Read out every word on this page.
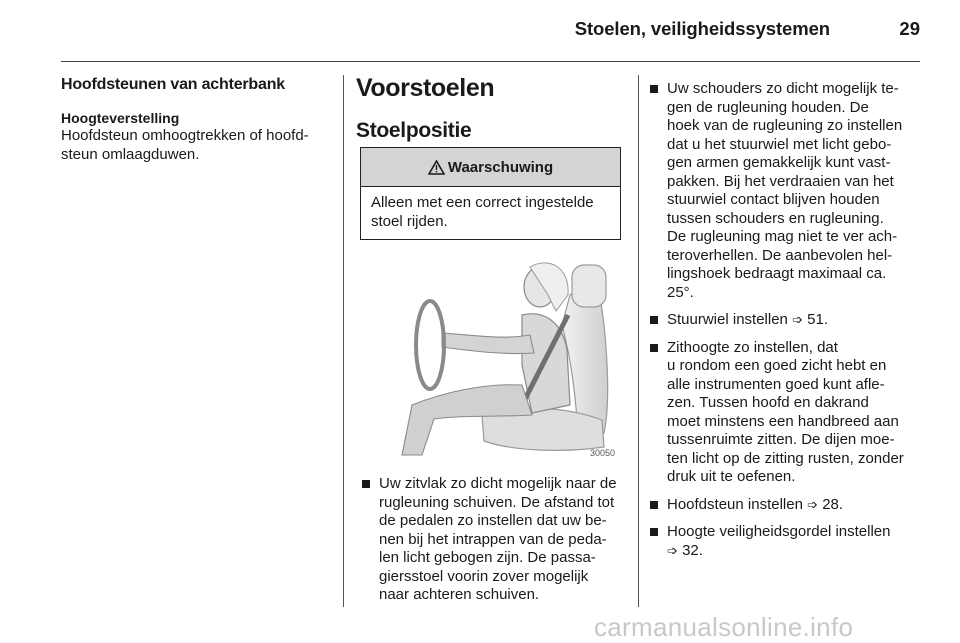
Stoelen, veiligheidssystemen	29
Hoofdsteunen van achterbank
Hoogteverstelling

Hoofdsteun omhoogtrekken of hoofd-
steun omlaagduwen.

Voorstoelen
Stoelpositie
Waarschuwing
Alleen met een correct ingestelde
stoel rijden.
30050
Uw zitvlak zo dicht mogelijk naar de
rugleuning schuiven. De afstand tot
de pedalen zo instellen dat uw be-
nen bij het intrappen van de peda-
len licht gebogen zijn. De passa-
giersstoel voorin zover mogelijk
naar achteren schuiven.
Uw schouders zo dicht mogelijk te-
gen de rugleuning houden. De
hoek van de rugleuning zo instellen
dat u het stuurwiel met licht gebo-
gen armen gemakkelijk kunt vast-
pakken. Bij het verdraaien van het
stuurwiel contact blijven houden
tussen schouders en rugleuning.
De rugleuning mag niet te ver ach-
teroverhellen. De aanbevolen hel-
lingshoek bedraagt maximaal ca.
25°.
Stuurwiel instellen ➩ 51.
Zithoogte zo instellen, dat
u rondom een goed zicht hebt en
alle instrumenten goed kunt afle-
zen. Tussen hoofd en dakrand
moet minstens een handbreed aan
tussenruimte zitten. De dijen moe-
ten licht op de zitting rusten, zonder
druk uit te oefenen.
Hoofdsteun instellen ➩ 28.
Hoogte veiligheidsgordel instellen
➩ 32.
carmanualsonline.info
